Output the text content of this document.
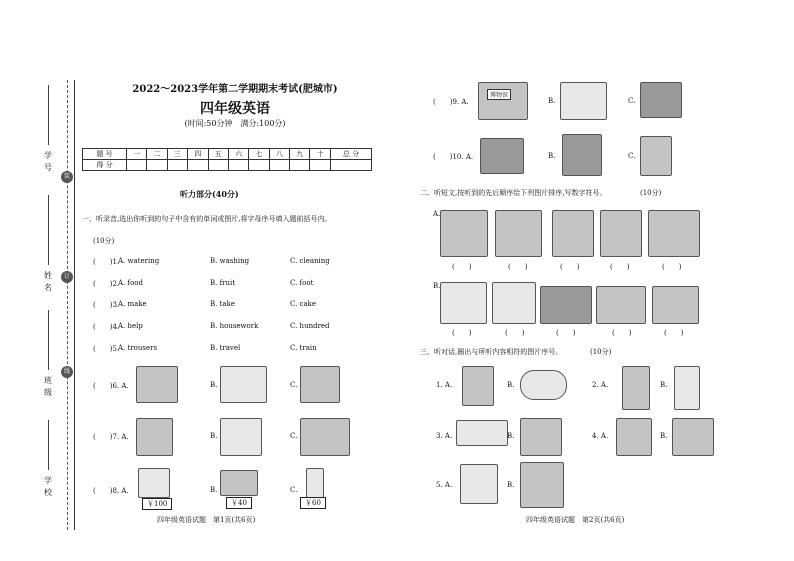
学号
姓名
班级
学校
装
订
线
2022～2023学年第二学期期末考试(肥城市)
四年级英语
(时间:50分钟　满分:100分)
题 号	一	二	三	四	五	六	七	八	九	十	总 分
得 分											
听力部分(40分)
一、听录音,选出你听到的句子中含有的单词或图片,将字母序号填入题前括号内。
(10分)
(　　)1.
A. watering	B. washing	C. cleaning
(　　)2.
A. food	B. fruit	C. foot
(　　)3.
A. make	B. take	C. cake
(　　)4.
A. help	B. housework	C. hundred
(　　)5.
A. trousers	B. travel	C. train
(　　)6. A.	B.	C.
(　　)7. A.	B.	C.
(　　)8. A.
￥100
B.
￥40
C.
￥60
(　　)9. A.
博物馆
B.	C.
(　　)10. A.	B.	C.
二、听短文,按听到的先后顺序给下列图片排序,写数字符号。	(10分)
A.
(　　)	(　　)	(　　)	(　　)	(　　)
B.
(　　)	(　　)	(　　)	(　　)	(　　)
三、听对话,圈出与所听内容相符的图片序号。	(10分)
1. A.	B.	2. A.	B.
3. A.	B.	4. A.	B.
5. A.	B.
四年级英语试题　第1页(共6页)	四年级英语试题　第2页(共6页)
